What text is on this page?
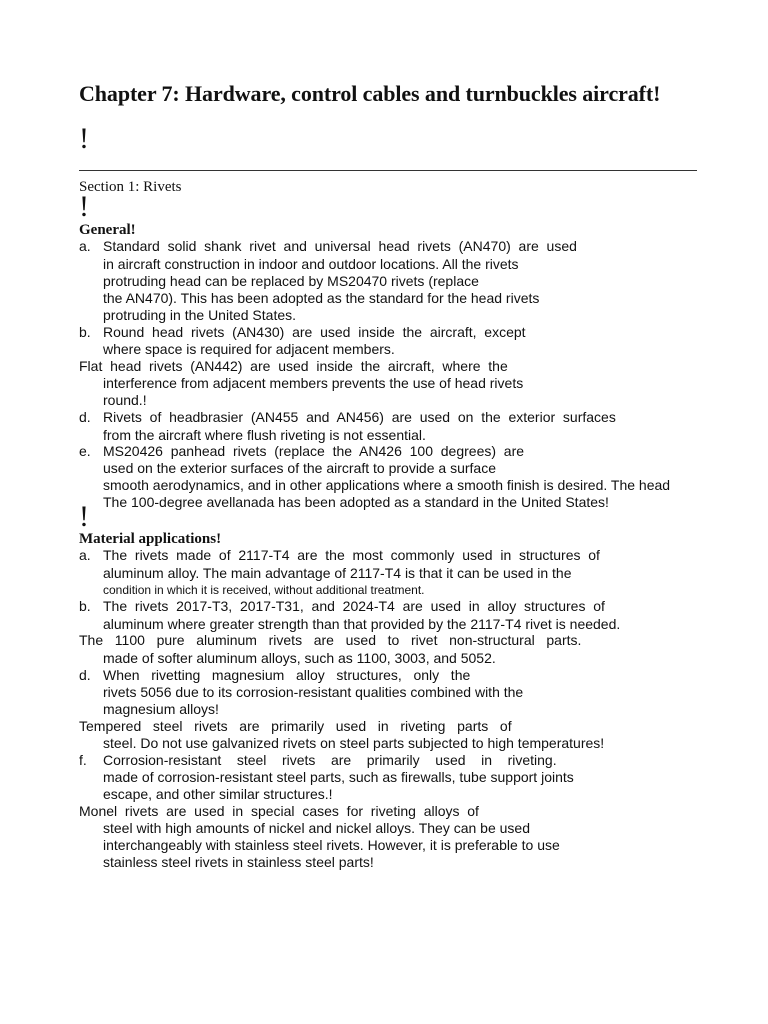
Chapter 7: Hardware, control cables and turnbuckles aircraft!
!
Section 1: Rivets
!
General!
a. Standard  solid  shank  rivet  and  universal  head  rivets  (AN470)  are  used
in aircraft construction in indoor and outdoor locations. All the rivets
protruding head can be replaced by MS20470 rivets (replace
the AN470). This has been adopted as the standard for the head rivets
protruding in the United States.
b. Round  head  rivets  (AN430)  are  used  inside  the  aircraft,  except
where space is required for adjacent members.
Flat  head  rivets  (AN442)  are  used  inside  the  aircraft,  where  the
interference from adjacent members prevents the use of head rivets
round.!
d. Rivets  of  headbrasier  (AN455  and  AN456)  are  used  on  the  exterior  surfaces
from the aircraft where flush riveting is not essential.
e. MS20426  panhead  rivets  (replace  the  AN426  100  degrees)  are
used on the exterior surfaces of the aircraft to provide a surface
smooth aerodynamics, and in other applications where a smooth finish is desired. The head
The 100-degree avellanada has been adopted as a standard in the United States!
!
Material applications!
a. The  rivets  made  of  2117-T4  are  the  most  commonly  used  in  structures  of
aluminum alloy. The main advantage of 2117-T4 is that it can be used in the
condition in which it is received, without additional treatment.
b. The  rivets  2017-T3,  2017-T31,  and  2024-T4  are  used  in  alloy  structures  of
aluminum where greater strength than that provided by the 2117-T4 rivet is needed.
The   1100   pure   aluminum   rivets   are   used   to   rivet   non-structural   parts.
made of softer aluminum alloys, such as 1100, 3003, and 5052.
d. When   rivetting   magnesium   alloy   structures,   only   the
rivets 5056 due to its corrosion-resistant qualities combined with the
magnesium alloys!
Tempered   steel   rivets   are   primarily   used   in   riveting   parts   of
steel. Do not use galvanized rivets on steel parts subjected to high temperatures!
f. Corrosion-resistant    steel    rivets    are    primarily    used    in    riveting.
made of corrosion-resistant steel parts, such as firewalls, tube support joints
escape, and other similar structures.!
Monel  rivets  are  used  in  special  cases  for  riveting  alloys  of
steel with high amounts of nickel and nickel alloys. They can be used
interchangeably with stainless steel rivets. However, it is preferable to use
stainless steel rivets in stainless steel parts!
